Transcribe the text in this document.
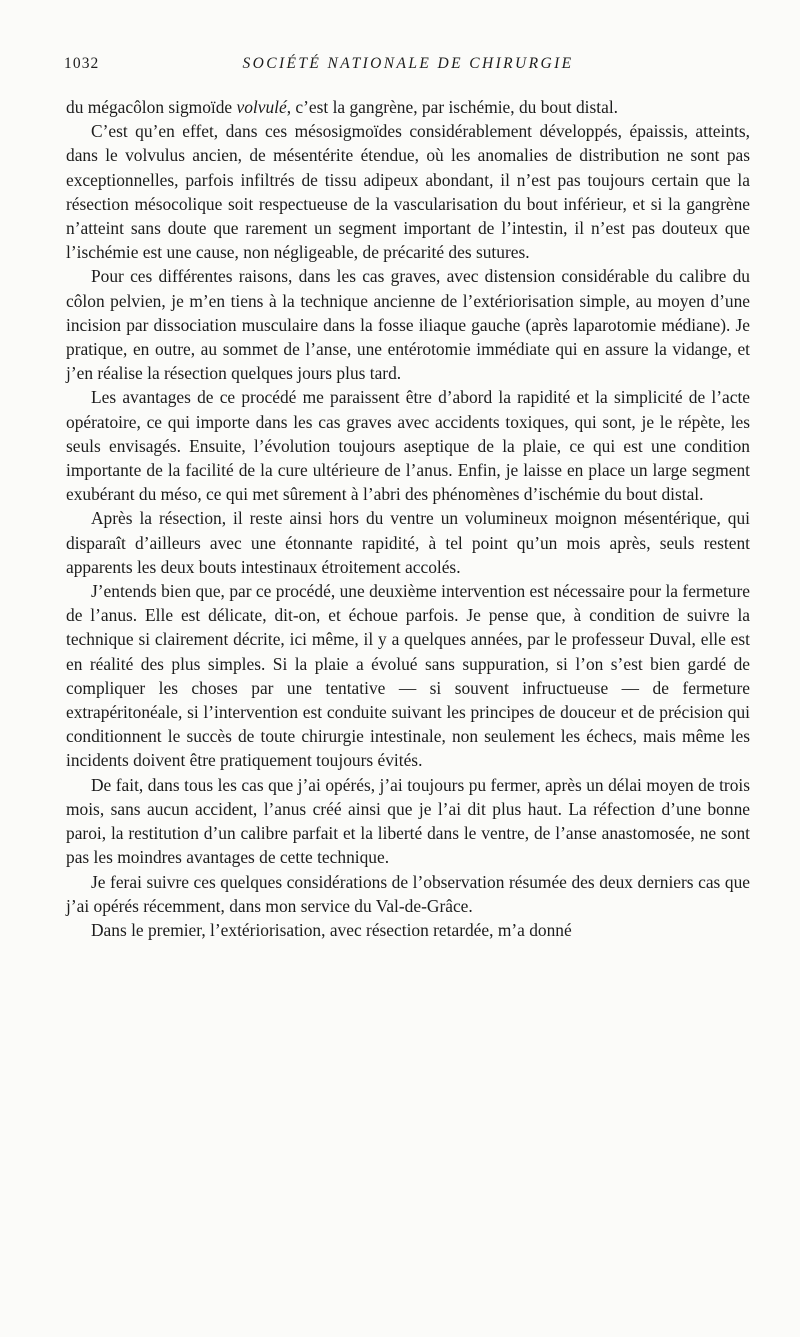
1032	SOCIÉTÉ NATIONALE DE CHIRURGIE

du mégacôlon sigmoïde volvulé, c’est la gangrène, par ischémie, du bout distal.

C’est qu’en effet, dans ces mésosigmoïdes considérablement développés, épaissis, atteints, dans le volvulus ancien, de mésentérite étendue, où les anomalies de distribution ne sont pas exceptionnelles, parfois infiltrés de tissu adipeux abondant, il n’est pas toujours certain que la résection mésocolique soit respectueuse de la vascularisation du bout inférieur, et si la gangrène n’atteint sans doute que rarement un segment important de l’intestin, il n’est pas douteux que l’ischémie est une cause, non négligeable, de précarité des sutures.

Pour ces différentes raisons, dans les cas graves, avec distension considérable du calibre du côlon pelvien, je m’en tiens à la technique ancienne de l’extériorisation simple, au moyen d’une incision par dissociation musculaire dans la fosse iliaque gauche (après laparotomie médiane). Je pratique, en outre, au sommet de l’anse, une entérotomie immédiate qui en assure la vidange, et j’en réalise la résection quelques jours plus tard.

Les avantages de ce procédé me paraissent être d’abord la rapidité et la simplicité de l’acte opératoire, ce qui importe dans les cas graves avec accidents toxiques, qui sont, je le répète, les seuls envisagés. Ensuite, l’évolution toujours aseptique de la plaie, ce qui est une condition importante de la facilité de la cure ultérieure de l’anus. Enfin, je laisse en place un large segment exubérant du méso, ce qui met sûrement à l’abri des phénomènes d’ischémie du bout distal.

Après la résection, il reste ainsi hors du ventre un volumineux moignon mésentérique, qui disparaît d’ailleurs avec une étonnante rapidité, à tel point qu’un mois après, seuls restent apparents les deux bouts intestinaux étroitement accolés.

J’entends bien que, par ce procédé, une deuxième intervention est nécessaire pour la fermeture de l’anus. Elle est délicate, dit-on, et échoue parfois. Je pense que, à condition de suivre la technique si clairement décrite, ici même, il y a quelques années, par le professeur Duval, elle est en réalité des plus simples. Si la plaie a évolué sans suppuration, si l’on s’est bien gardé de compliquer les choses par une tentative — si souvent infructueuse — de fermeture extrapéritonéale, si l’intervention est conduite suivant les principes de douceur et de précision qui conditionnent le succès de toute chirurgie intestinale, non seulement les échecs, mais même les incidents doivent être pratiquement toujours évités.

De fait, dans tous les cas que j’ai opérés, j’ai toujours pu fermer, après un délai moyen de trois mois, sans aucun accident, l’anus créé ainsi que je l’ai dit plus haut. La réfection d’une bonne paroi, la restitution d’un calibre parfait et la liberté dans le ventre, de l’anse anastomosée, ne sont pas les moindres avantages de cette technique.

Je ferai suivre ces quelques considérations de l’observation résumée des deux derniers cas que j’ai opérés récemment, dans mon service du Val-de-Grâce.

Dans le premier, l’extériorisation, avec résection retardée, m’a donné
